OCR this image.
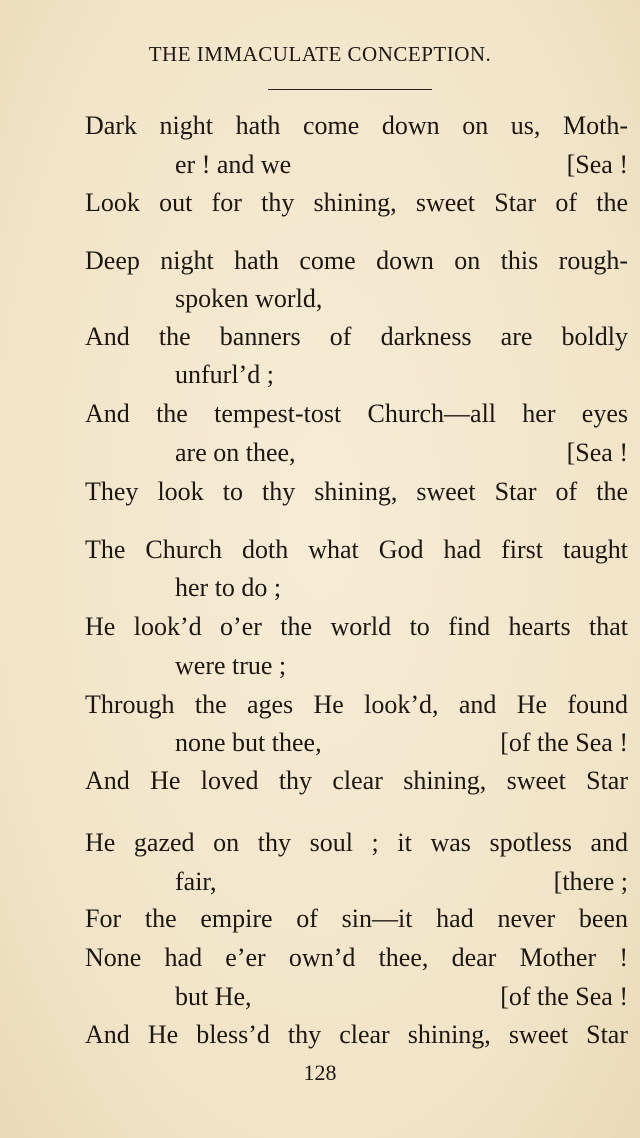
THE IMMACULATE CONCEPTION.
Dark night hath come down on us, Moth-
er ! and we	[Sea !
Look out for thy shining, sweet Star of the
Deep night hath come down on this rough-
spoken world,
And the banners of darkness are boldly
unfurl’d ;
And the tempest-tost Church—all her eyes
are on thee,	[Sea !
They look to thy shining, sweet Star of the
The Church doth what God had first taught
her to do ;
He look’d o’er the world to find hearts that
were true ;
Through the ages He look’d, and He found
none but thee,	[of the Sea !
And He loved thy clear shining, sweet Star
He gazed on thy soul ; it was spotless and
fair,	[there ;
For the empire of sin—it had never been
None had e’er own’d thee, dear Mother !
but He,	[of the Sea !
And He bless’d thy clear shining, sweet Star
128
